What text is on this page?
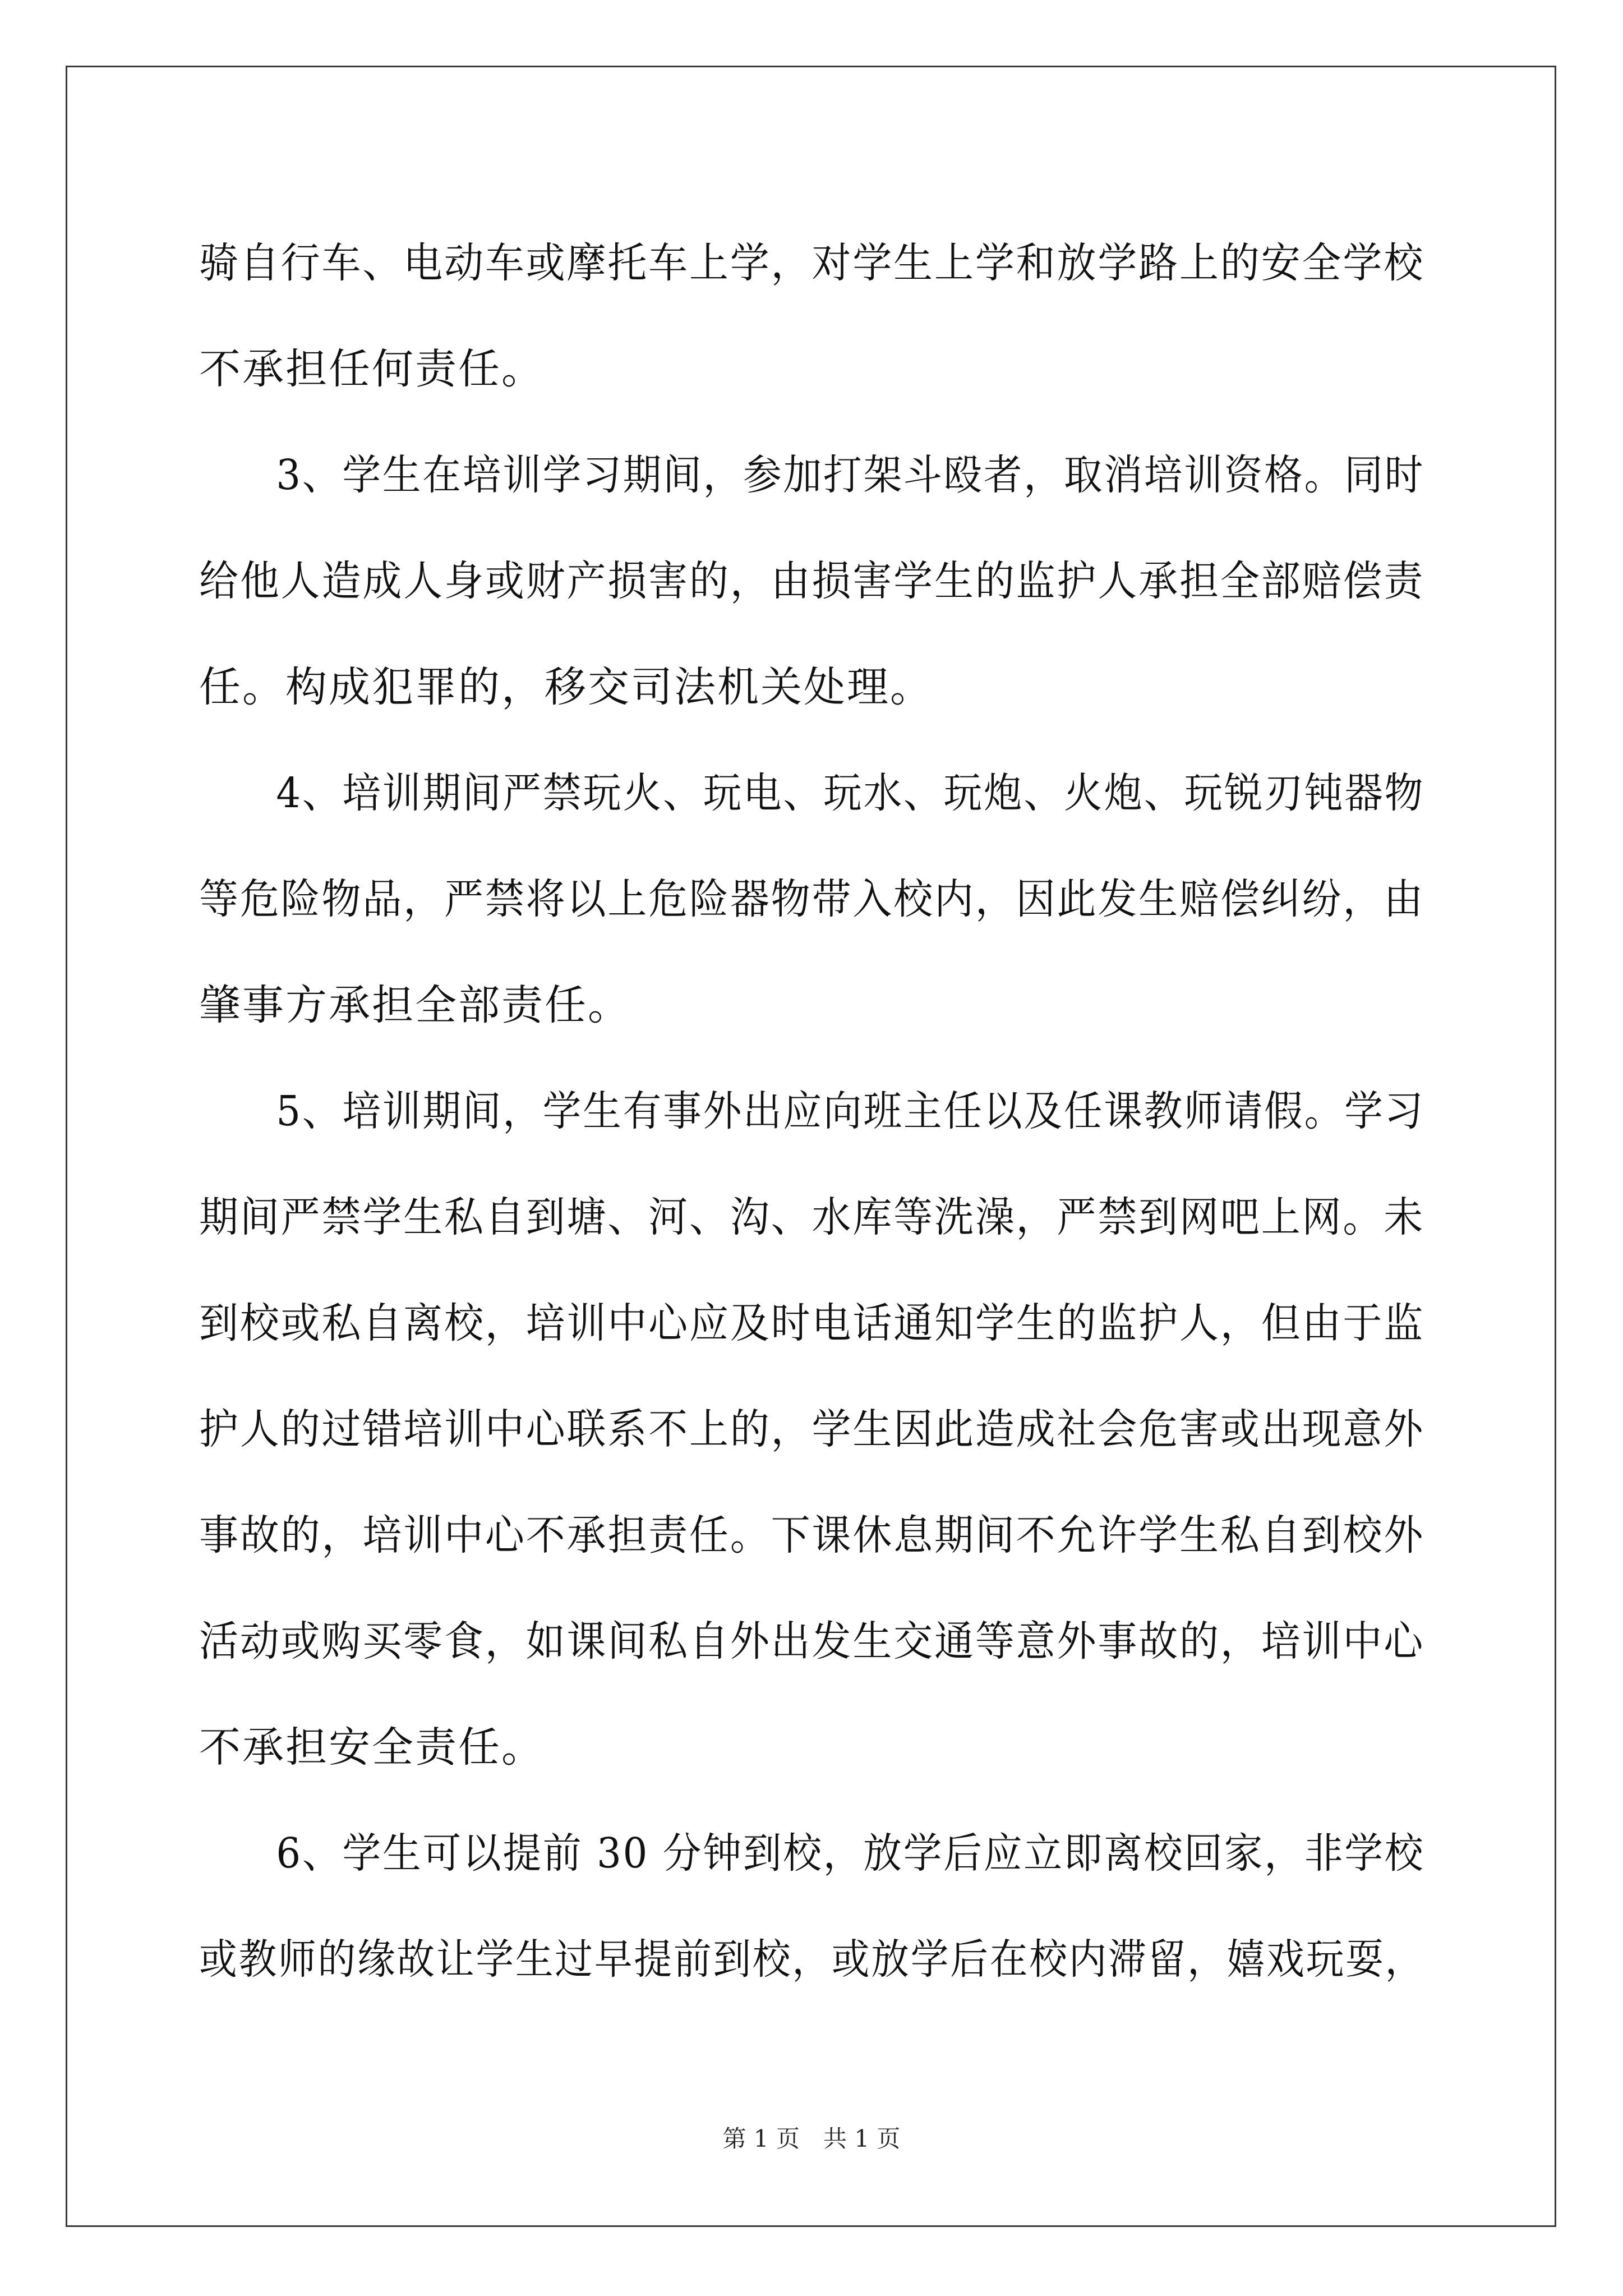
骑自行车、电动车或摩托车上学，对学生上学和放学路上的安全学校
不承担任何责任。

3、学生在培训学习期间，参加打架斗殴者，取消培训资格。同时
给他人造成人身或财产损害的，由损害学生的监护人承担全部赔偿责
任。构成犯罪的，移交司法机关处理。

4、培训期间严禁玩火、玩电、玩水、玩炮、火炮、玩锐刃钝器物
等危险物品，严禁将以上危险器物带入校内，因此发生赔偿纠纷，由
肇事方承担全部责任。

5、培训期间，学生有事外出应向班主任以及任课教师请假。学习
期间严禁学生私自到塘、河、沟、水库等洗澡，严禁到网吧上网。未
到校或私自离校，培训中心应及时电话通知学生的监护人，但由于监
护人的过错培训中心联系不上的，学生因此造成社会危害或出现意外
事故的，培训中心不承担责任。下课休息期间不允许学生私自到校外
活动或购买零食，如课间私自外出发生交通等意外事故的，培训中心
不承担安全责任。

6、学生可以提前 30 分钟到校，放学后应立即离校回家，非学校
或教师的缘故让学生过早提前到校，或放学后在校内滞留，嬉戏玩耍，

第 1 页　共 1 页
